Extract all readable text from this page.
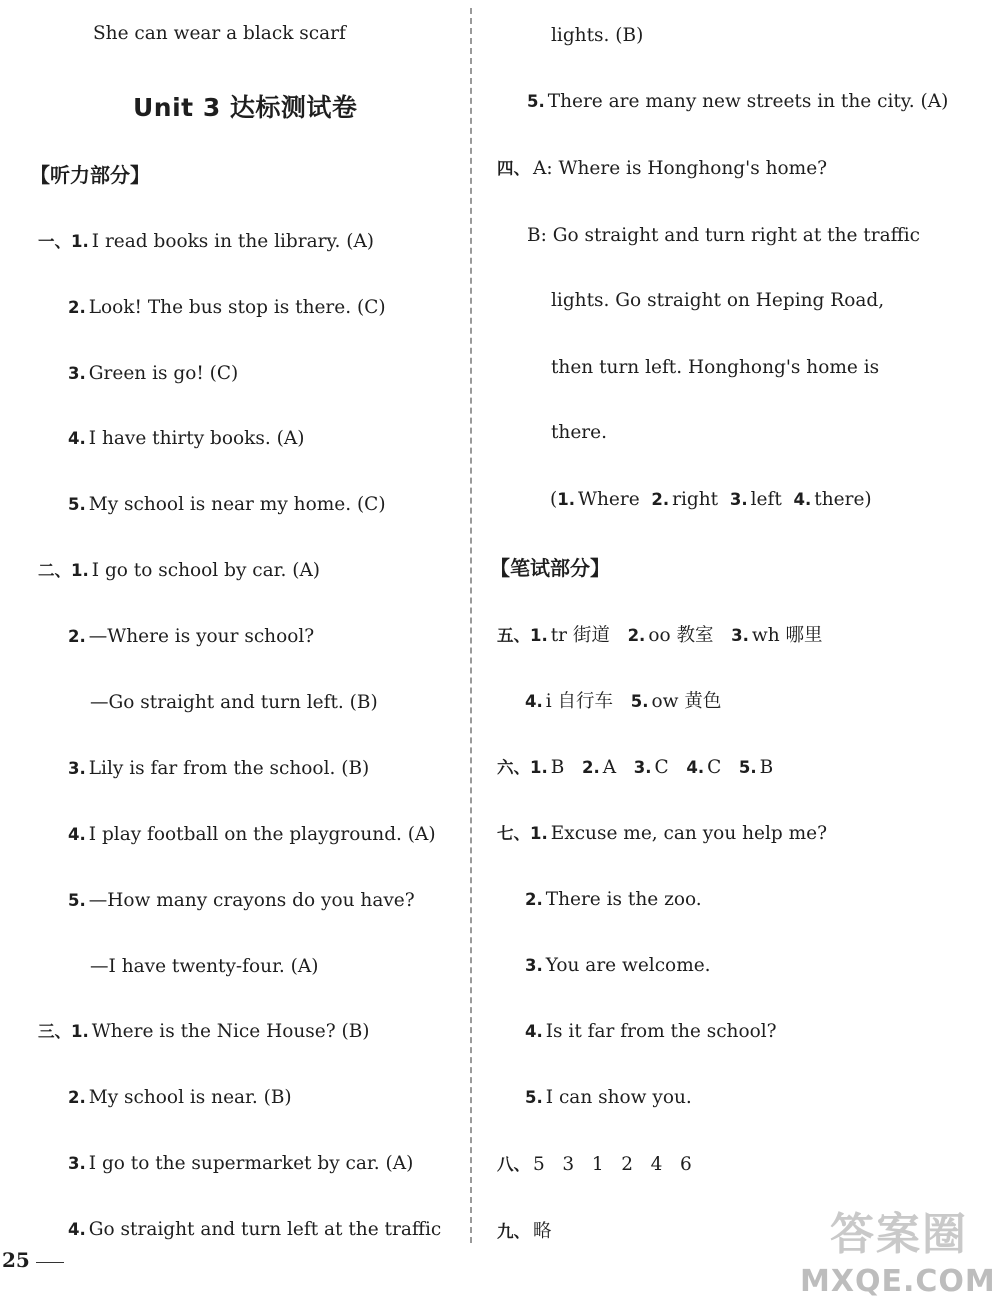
She can wear a black scarf
Unit 3 达标测试卷
【听力部分】
一、1. I read books in the library. (A)
2. Look! The bus stop is there. (C)
3. Green is go! (C)
4. I have thirty books. (A)
5. My school is near my home. (C)
二、1. I go to school by car. (A)
2. —Where is your school?
—Go straight and turn left. (B)
3. Lily is far from the school. (B)
4. I play football on the playground. (A)
5. —How many crayons do you have?
—I have twenty-four. (A)
三、1. Where is the Nice House? (B)
2. My school is near. (B)
3. I go to the supermarket by car. (A)
4. Go straight and turn left at the traffic
lights. (B)
5. There are many new streets in the city. (A)
四、 A: Where is Honghong's home?
B: Go straight and turn right at the traffic
lights. Go straight on Heping Road,
then turn left. Honghong's home is
there.
(1. Where 2. right 3. left 4. there)
【笔试部分】
五、1. tr 街道 2. oo 教室 3. wh 哪里
4. i 自行车 5. ow 黄色
六、1. B 2. A 3. C 4. C 5. B
七、1. Excuse me, can you help me?
2. There is the zoo.
3. You are welcome.
4. Is it far from the school?
5. I can show you.
八、 5   3   1   2   4   6
九、 略
25	答案圈
MXQE.COM
